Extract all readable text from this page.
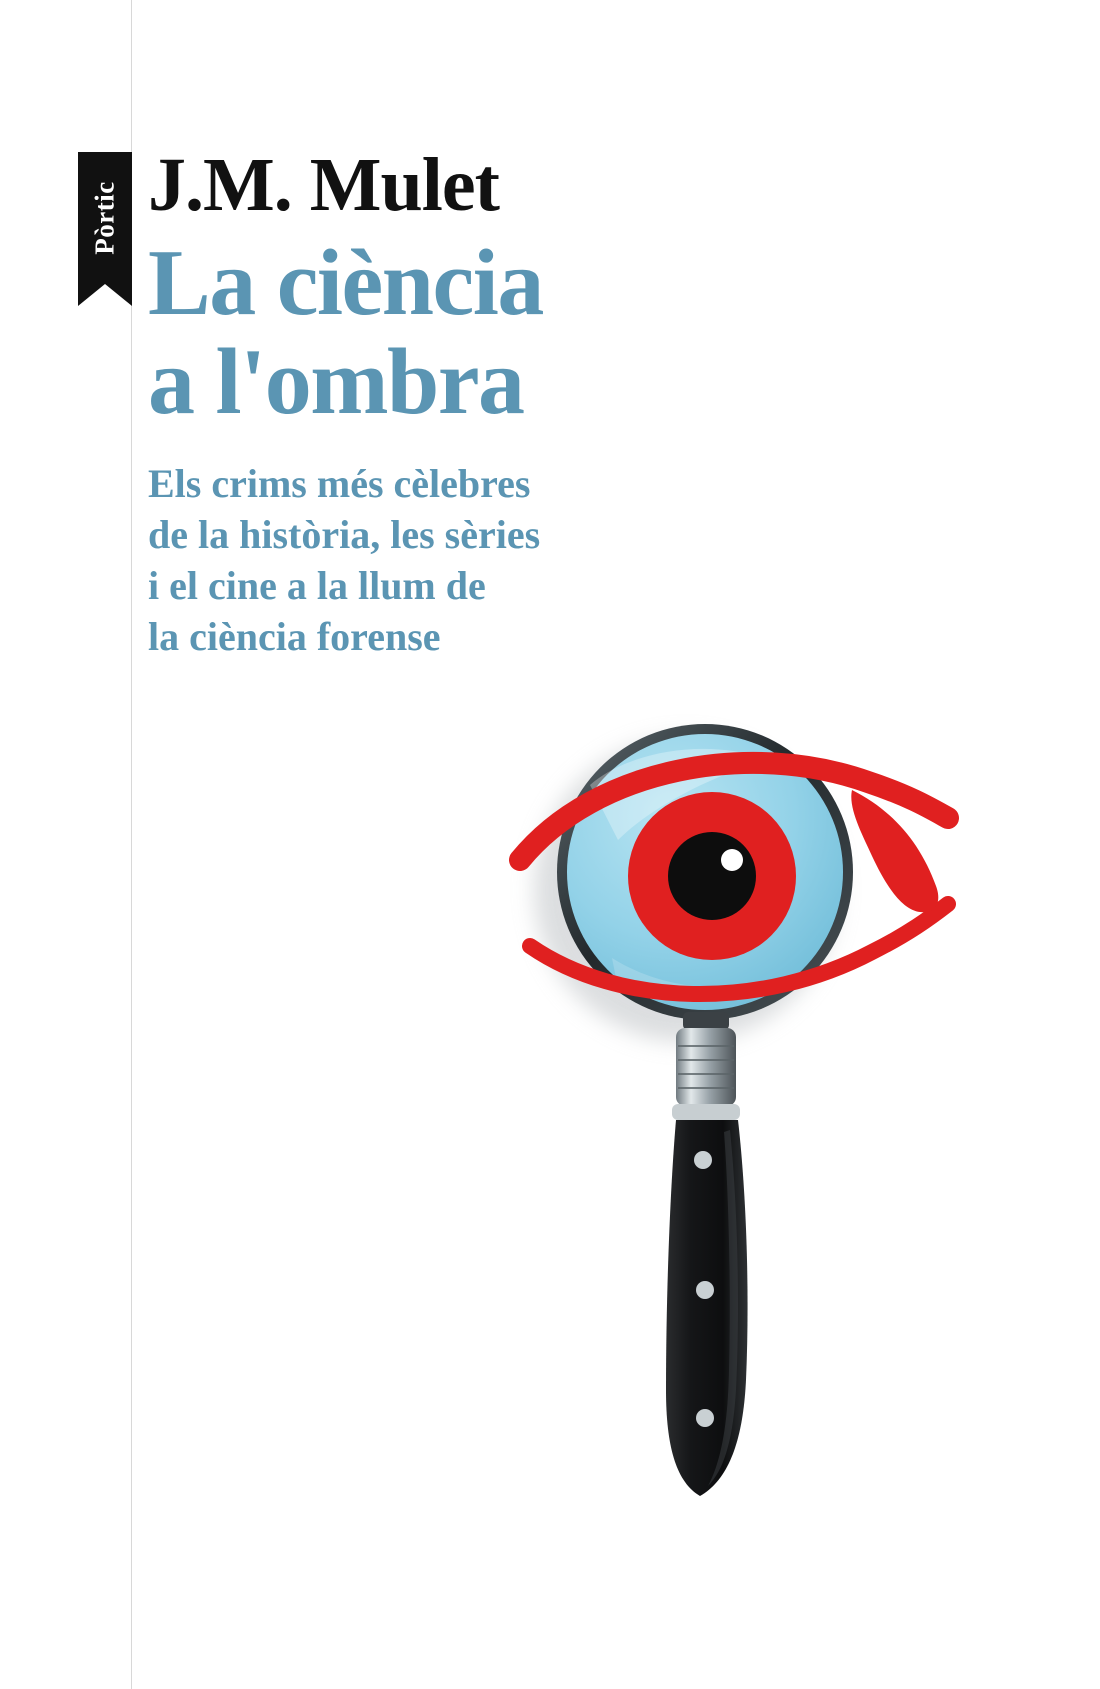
Pòrtic J.M. Mulet
La ciència
a l'ombra

Els crims més cèlebres
de la història, les sèries
i el cine a la llum de
la ciència forense
